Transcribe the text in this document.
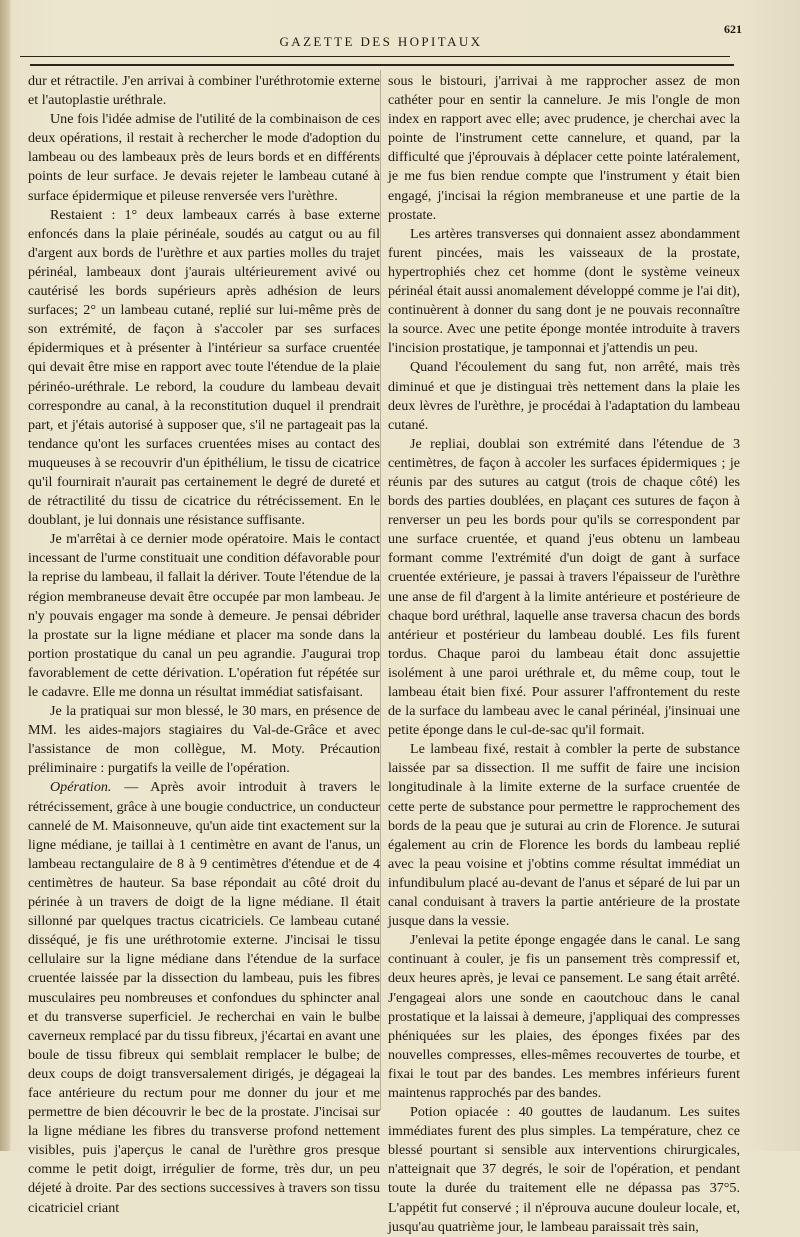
GAZETTE DES HOPITAUX
621

dur et rétractile. J'en arrivai à combiner l'uréthrotomie externe et l'autoplastie uréthrale.

Une fois l'idée admise de l'utilité de la combinaison de ces deux opérations, il restait à rechercher le mode d'adoption du lambeau ou des lambeaux près de leurs bords et en différents points de leur surface. Je devais rejeter le lambeau cutané à surface épidermique et pileuse renversée vers l'urèthre.

Restaient : 1° deux lambeaux carrés à base externe enfoncés dans la plaie périnéale, soudés au catgut ou au fil d'argent aux bords de l'urèthre et aux parties molles du trajet périnéal, lambeaux dont j'aurais ultérieurement avivé ou cautérisé les bords supérieurs après adhésion de leurs surfaces; 2° un lambeau cutané, replié sur lui-même près de son extrémité, de façon à s'accoler par ses surfaces épidermiques et à présenter à l'intérieur sa surface cruentée qui devait être mise en rapport avec toute l'étendue de la plaie périnéo-uréthrale. Le rebord, la coudure du lambeau devait correspondre au canal, à la reconstitution duquel il prendrait part, et j'étais autorisé à supposer que, s'il ne partageait pas la tendance qu'ont les surfaces cruentées mises au contact des muqueuses à se recouvrir d'un épithélium, le tissu de cicatrice qu'il fournirait n'aurait pas certainement le degré de dureté et de rétractilité du tissu de cicatrice du rétrécissement. En le doublant, je lui donnais une résistance suffisante.

Je m'arrêtai à ce dernier mode opératoire. Mais le contact incessant de l'urme constituait une condition défavorable pour la reprise du lambeau, il fallait la dériver. Toute l'étendue de la région membraneuse devait être occupée par mon lambeau. Je n'y pouvais engager ma sonde à demeure. Je pensai débrider la prostate sur la ligne médiane et placer ma sonde dans la portion prostatique du canal un peu agrandie. J'augurai trop favorablement de cette dérivation. L'opération fut répétée sur le cadavre. Elle me donna un résultat immédiat satisfaisant.

Je la pratiquai sur mon blessé, le 30 mars, en présence de MM. les aides-majors stagiaires du Val-de-Grâce et avec l'assistance de mon collègue, M. Moty. Précaution préliminaire : purgatifs la veille de l'opération.

Opération. — Après avoir introduit à travers le rétrécissement, grâce à une bougie conductrice, un conducteur cannelé de M. Maisonneuve, qu'un aide tint exactement sur la ligne médiane, je taillai à 1 centimètre en avant de l'anus, un lambeau rectangulaire de 8 à 9 centimètres d'étendue et de 4 centimètres de hauteur. Sa base répondait au côté droit du périnée à un travers de doigt de la ligne médiane. Il était sillonné par quelques tractus cicatriciels. Ce lambeau cutané disséqué, je fis une uréthrotomie externe. J'incisai le tissu cellulaire sur la ligne médiane dans l'étendue de la surface cruentée laissée par la dissection du lambeau, puis les fibres musculaires peu nombreuses et confondues du sphincter anal et du transverse superficiel. Je recherchai en vain le bulbe caverneux remplacé par du tissu fibreux, j'écartai en avant une boule de tissu fibreux qui semblait remplacer le bulbe; de deux coups de doigt transversalement dirigés, je dégageai la face antérieure du rectum pour me donner du jour et me permettre de bien découvrir le bec de la prostate. J'incisai sur la ligne médiane les fibres du transverse profond nettement visibles, puis j'aperçus le canal de l'urèthre gros presque comme le petit doigt, irrégulier de forme, très dur, un peu déjeté à droite. Par des sections successives à travers son tissu cicatriciel criant

sous le bistouri, j'arrivai à me rapprocher assez de mon cathéter pour en sentir la cannelure. Je mis l'ongle de mon index en rapport avec elle; avec prudence, je cherchai avec la pointe de l'instrument cette cannelure, et quand, par la difficulté que j'éprouvais à déplacer cette pointe latéralement, je me fus bien rendue compte que l'instrument y était bien engagé, j'incisai la région membraneuse et une partie de la prostate.

Les artères transverses qui donnaient assez abondamment furent pincées, mais les vaisseaux de la prostate, hypertrophiés chez cet homme (dont le système veineux périnéal était aussi anomalement développé comme je l'ai dit), continuèrent à donner du sang dont je ne pouvais reconnaître la source. Avec une petite éponge montée introduite à travers l'incision prostatique, je tamponnai et j'attendis un peu.

Quand l'écoulement du sang fut, non arrêté, mais très diminué et que je distinguai très nettement dans la plaie les deux lèvres de l'urèthre, je procédai à l'adaptation du lambeau cutané.

Je repliai, doublai son extrémité dans l'étendue de 3 centimètres, de façon à accoler les surfaces épidermiques ; je réunis par des sutures au catgut (trois de chaque côté) les bords des parties doublées, en plaçant ces sutures de façon à renverser un peu les bords pour qu'ils se correspondent par une surface cruentée, et quand j'eus obtenu un lambeau formant comme l'extrémité d'un doigt de gant à surface cruentée extérieure, je passai à travers l'épaisseur de l'urèthre une anse de fil d'argent à la limite antérieure et postérieure de chaque bord uréthral, laquelle anse traversa chacun des bords antérieur et postérieur du lambeau doublé. Les fils furent tordus. Chaque paroi du lambeau était donc assujettie isolément à une paroi uréthrale et, du même coup, tout le lambeau était bien fixé. Pour assurer l'affrontement du reste de la surface du lambeau avec le canal périnéal, j'insinuai une petite éponge dans le cul-de-sac qu'il formait.

Le lambeau fixé, restait à combler la perte de substance laissée par sa dissection. Il me suffit de faire une incision longitudinale à la limite externe de la surface cruentée de cette perte de substance pour permettre le rapprochement des bords de la peau que je suturai au crin de Florence. Je suturai également au crin de Florence les bords du lambeau replié avec la peau voisine et j'obtins comme résultat immédiat un infundibulum placé au-devant de l'anus et séparé de lui par un canal conduisant à travers la partie antérieure de la prostate jusque dans la vessie.

J'enlevai la petite éponge engagée dans le canal. Le sang continuant à couler, je fis un pansement très compressif et, deux heures après, je levai ce pansement. Le sang était arrêté. J'engageai alors une sonde en caoutchouc dans le canal prostatique et la laissai à demeure, j'appliquai des compresses phéniquées sur les plaies, des éponges fixées par des nouvelles compresses, elles-mêmes recouvertes de tourbe, et fixai le tout par des bandes. Les membres inférieurs furent maintenus rapprochés par des bandes.

Potion opiacée : 40 gouttes de laudanum. Les suites immédiates furent des plus simples. La température, chez ce blessé pourtant si sensible aux interventions chirurgicales, n'atteignait que 37 degrés, le soir de l'opération, et pendant toute la durée du traitement elle ne dépassa pas 37°5. L'appétit fut conservé ; il n'éprouva aucune douleur locale, et, jusqu'au quatrième jour, le lambeau paraissait très sain,
